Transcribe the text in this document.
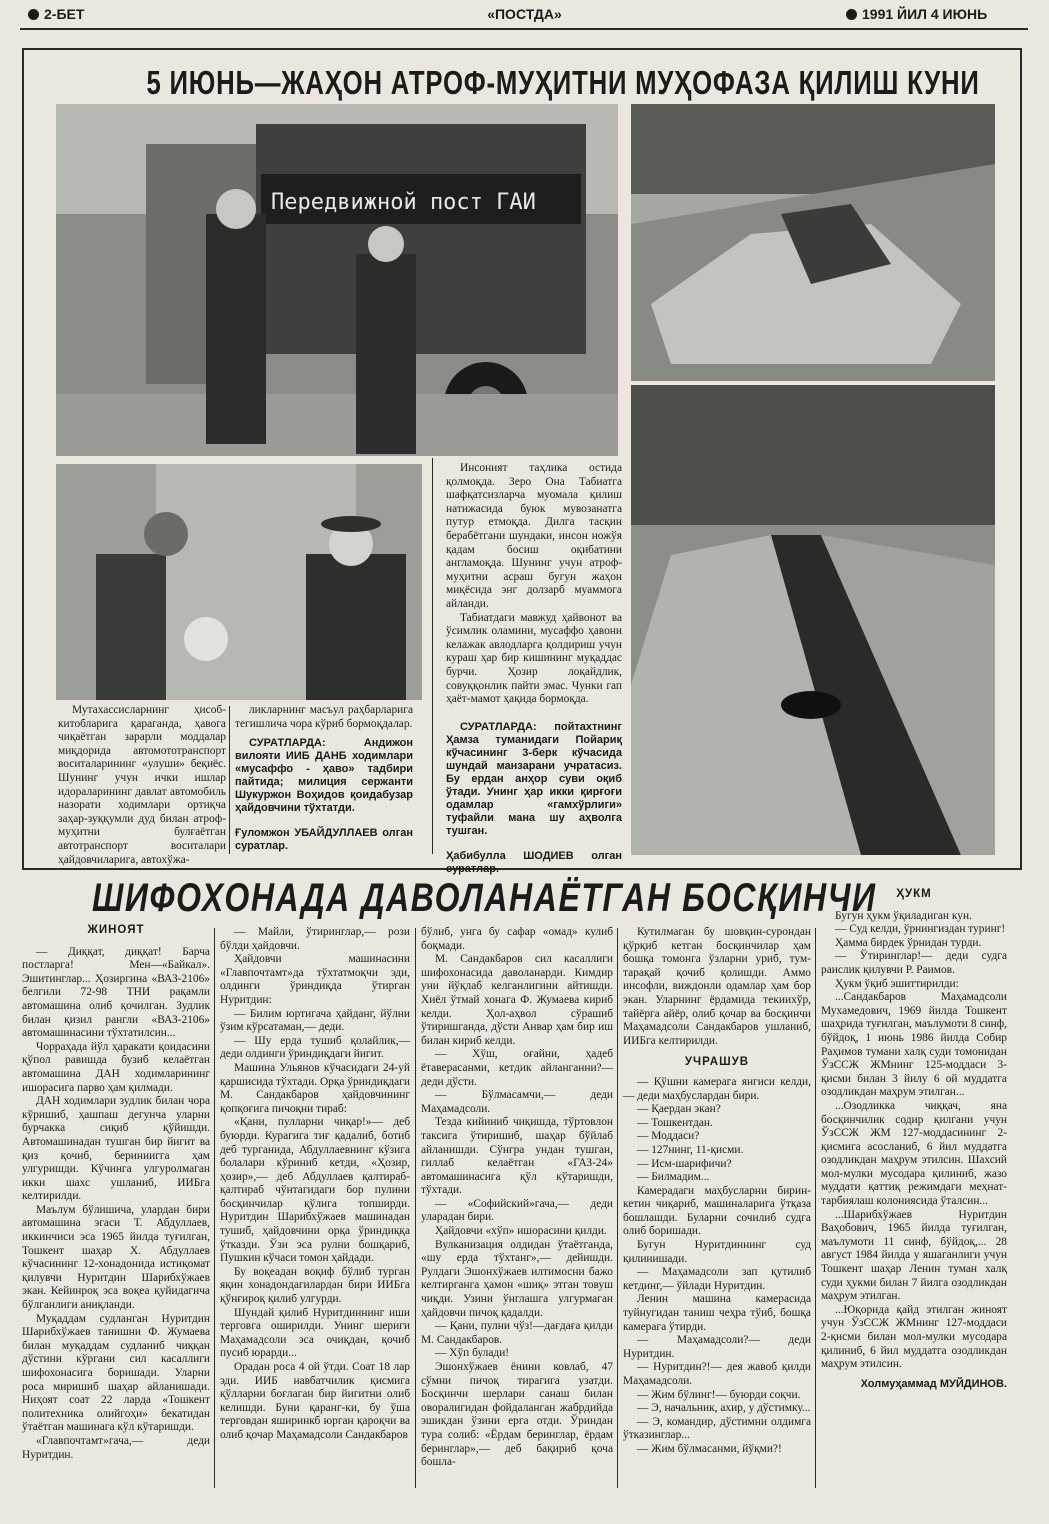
2-БЕТ	«ПОСТДА»	1991 ЙИЛ 4 ИЮНЬ
5 ИЮНЬ—ЖАҲОН АТРОФ-МУҲИТНИ МУҲОФАЗА ҚИЛИШ КУНИ
Передвижной пост ГАИ

Мутахассисларнинг ҳисоб-китобларига қараганда, ҳавога чиқаётган зарарли моддалар миқдорида автомототранспорт воситаларининг «улуши» беқиёс. Шунинг учун ички ишлар идораларининг давлат автомобиль назорати ходимлари ортиқча заҳар-зуққумли дуд билан атроф-муҳитни булғаётган автотранспорт воситалари ҳайдовчиларига, автохўжа-

ликларнинг масъул раҳбарларига тегишлича чора кўриб бормоқдалар.

СУРАТЛАРДА: Андижон вилояти ИИБ ДАНБ ходимлари «мусаффо - ҳаво» тадбири пайтида; милиция сержанти Шукуржон Воҳидов қоидабузар ҳайдовчини тўхтатди.
Ғуломжон УБАЙДУЛЛАЕВ олган суратлар.

Инсоният таҳлика остида қолмоқда. Зеро Она Табиатга шафқатсизларча муомала қилиш натижасида буюк мувозанатга путур етмоқда. Дилга тасқин берабётгани шундаки, инсон ножўя қадам босиш оқибатини англамоқда. Шунинг учун атроф-муҳитни асраш бугун жаҳон миқёсида энг долзарб муаммога айланди.

Табиатдаги мавжуд ҳайвонот ва ўсимлик оламини, мусаффо ҳавони келажак авлодларга қолдириш учун кураш ҳар бир кишининг муқаддас бурчи. Ҳозир лоқайдлик, совуққонлик пайти эмас. Чунки гап ҳаёт-мамот ҳақида бормоқда.

СУРАТЛАРДА: пойтахтнинг Ҳамза туманидаги Пойариқ кўчасининг 3-берк кўчасида шундай манзарани учратасиз. Бу ердан анҳор суви оқиб ўтади. Унинг ҳар икки қирғоғи одамлар «гамхўрлиги» туфайли мана шу аҳволга тушган.
Ҳабибулла ШОДИЕВ олган суратлар.
ШИФОХОНАДА ДАВОЛАНАЁТГАН БОСҚИНЧИ
ЖИНОЯТ

— Диққат, диққат! Барча постларга! Мен—«Байкал». Эшитинглар... Ҳозиргина «ВАЗ-2106» белгили 72-98 ТНИ рақамли автомашина олиб қочилган. Зудлик билан қизил рангли «ВАЗ-2106» автомашинасини тўхтатилсин...

Чорраҳада йўл ҳаракати қоидасини қўпол равишда бузиб келаётган автомашина ДАН ходимларининг ишорасига парво ҳам қилмади.

ДАН ходимлари зудлик билан чора кўришиб, ҳашпаш дегунча уларни бурчакка сиқиб қўйишди. Автомашинадан тушган бир йигит ва қиз қочиб, бериниигга ҳам улгуришди. Кўчинга улгуролмаган икки шахс ушланиб, ИИБга келтирилди.

Маълум бўлишича, улардан бири автомашина эгаси Т. Абдуллаев, иккинчиси эса 1965 йилда туғилган, Тошкент шаҳар Х. Абдуллаев кўчасининг 12-хонадонида истиқомат қилувчи Нуритдин Шарибхўжаев экан. Кейинроқ эса воқеа қуйидагича бўлганлиги аниқланди.

Муқаддам судланган Нуритдин Шарибхўжаев танишни Ф. Жумаева билан муқаддам судланиб чиққан дўстини кўргани сил касаллиги шифохонасига боришади. Уларни роса миришиб шаҳар айланишади. Ниҳоят соат 22 ларда «Тошкент политехника олийгоҳи» бекатидан ўтаётган машинага кўл кўтаришди.

«Главпочтамт»гача,— деди Нуритдин.

— Майли, ўтиринглар,— рози бўлди ҳайдовчи.

Ҳайдовчи машинасини «Главпочтамт»да тўхтатмоқчи эди, олдинги ўриндиқда ўтирган Нуритдин:

— Билим юртигача ҳайданг, йўлни ўзим кўрсатаман,— деди.

— Шу ерда тушиб қолайлик,— деди олдинги ўриндиқдаги йигит.

Машина Ульянов кўчасидаги 24-уй қаршисида тўхтади. Орқа ўриндиқдаги М. Сандакбаров ҳайдовчининг қопқоғига пичоқни тираб:

«Қани, пулларни чиқар!»— деб буюрди. Курагига тиғ қадалиб, ботиб деб турганида, Абдуллаевнинг кўзига болалари кўриниб кетди, «Ҳозир, ҳозир»,— деб Абдуллаев қалтираб-қалтираб чўнтагидаги бор пулини босқинчилар қўлига топширди. Нуритдин Шарибхўжаев машинадан тушиб, ҳайдовчини орқа ўриндиққа ўтказди. Ўзи эса рулни бошқариб, Пушкин кўчаси томон ҳайдади.

Бу воқеадан воқиф бўлиб турган яқин хонадондагилардан бири ИИБга қўнғироқ қилиб улгурди.

Шундай қилиб Нуритдиннинг иши терговга оширилди. Унинг шериги Маҳамадсоли эса очиқдан, қочиб пусиб юрарди...

Орадан роса 4 ой ўтди. Соат 18 лар эди. ИИБ навбатчилик қисмига қўлларни боғлаган бир йигитни олиб келишди. Буни қаранг-ки, бу ўша терговдан яширинкб юрган қароқчи ва олиб қочар Маҳамадсоли Сандакбаров

бўлиб, унга бу сафар «омад» кулиб боқмади.

М. Сандакбаров сил касаллиги шифохонасида даволанарди. Кимдир уни йўқлаб келганлигини айтишди. Хиёл ўтмай хонага Ф. Жумаева кириб келди. Ҳол-аҳвол сўрашиб ўтиришганда, дўсти Анвар ҳам бир иш билан кириб келди.

— Хўш, оғайни, ҳадеб ётаверасанми, кетдик айланганни?— деди дўсти.

— Бўлмасамчи,— деди Маҳамадсоли.

Тезда кийиниб чиқишда, тўртовлон таксига ўтиришиб, шаҳар бўйлаб айланишди. Сўнгра ундан тушган, гиллаб келаётган «ГАЗ-24» автомашинасига қўл кўтаришди, тўхтади.

— «Софийский»гача,— деди уларадан бири.

Ҳайдовчи «хўп» ишорасини қилди.

Вулканизация олдидан ўтаётганда, «шу ерда тўхтанг»,— дейишди. Рулдаги Эшонхўжаев илтимосни бажо келтирганга ҳамон «шиқ» этган товуш чиқди. Узини ўнглашга улгурмаган ҳайдовчи пичоқ қадалди.

— Қани, пулни чўз!—дағдаға қилди М. Сандакбаров.

— Хўп булади!

Эшонхўжаев ёнини ковлаб, 47 сўмни пичоқ тирагига узатди. Босқинчи шерлари санаш билан оворалигидан фойдаланган жабрдийда эшикдан ўзини ерга отди. Ўриндан тура солиб: «Ёрдам беринглар, ёрдам беринглар»,— деб бақириб қоча бошла-

Кутилмаган бу шовқин-сурондан қўрқиб кетган босқинчилар ҳам бошқа томонга ўзларни уриб, тум-тарақай қочиб қолишди. Аммо инсофли, виждонли одамлар ҳам бор экан. Уларнинг ёрдамида текиихўр, тайёрга айёр, олиб қочар ва босқинчи Маҳамадсоли Сандакбаров ушланиб, ИИБга келтирилди.

УЧРАШУВ

— Қўшни камерага янгиси келди,— деди маҳбуслардан бири.

— Қаердан экан?

— Тошкентдан.

— Моддаси?

— 127нинг, 11-қисми.

— Исм-шарифичи?

— Билмадим...

Камерадаги маҳбусларни бирин-кетин чиқариб, машиналарига ўтқаза бошлашди. Буларни сочилиб судга олиб боришади.

Бугун Нуритдиннинг суд қилинишади.

— Маҳамадсоли зап қутилиб кетдинг,— ўйлади Нуритдин.

Ленин машина камерасида туйнугидан таниш чеҳра тўиб, бошқа камерага ўтирди.

— Маҳамадсоли?— деди Нуритдин.

— Нуритдин?!— дея жавоб қилди Маҳамадсоли.

— Жим бўлинг!— буюрди соқчи.

— Э, начальник, ахир, у дўстимку...

— Э, командир, дўстимни олдимга ўтказинглар...

— Жим бўлмасанми, йўқми?!

ҲУКМ

Бугун ҳукм ўқиладиган кун.

— Суд келди, ўрнингиздан туринг!

Ҳамма бирдек ўрнидан турди.

— Ўтиринглар!— деди судга раислик қилувчи Р. Раимов.

Ҳукм ўқиб эшиттирилди:

...Сандакбаров Маҳамадсоли Мухамедович, 1969 йилда Тошкент шаҳрида туғилган, маълумоти 8 синф, бўйдоқ, 1 июнь 1986 йилда Собир Раҳимов тумани халқ суди томонидан ЎзССЖ ЖМнинг 125-моддаси 3-қисми билан 3 йилу 6 ой муддатга озодликдан маҳрум этилган...

...Озодликка чиққач, яна босқинчилик содир қилгани учун ЎзССЖ ЖМ 127-моддасининг 2-қисмига асосланиб, 6 йил муддатга озодликдан маҳрум этилсин. Шахсий мол-мулки мусодара қилиниб, жазо муддати қаттиқ режимдаги меҳнат-тарбиялаш колониясида ўталсин...

...Шарибхўжаев Нуритдин Ваҳобович, 1965 йилда туғилган, маълумоти 11 синф, бўйдоқ,... 28 август 1984 йилда у яшаганлиги учун Тошкент шаҳар Ленин туман халқ суди ҳукми билан 7 йилга озодликдан маҳрум этилган.

...Юқорида қайд этилган жиноят учун ЎзССЖ ЖМнинг 127-моддаси 2-қисми билан мол-мулки мусодара қилиниб, 6 йил муддатга озодликдан маҳрум этилсин.

Холмуҳаммад МУЙДИНОВ.
